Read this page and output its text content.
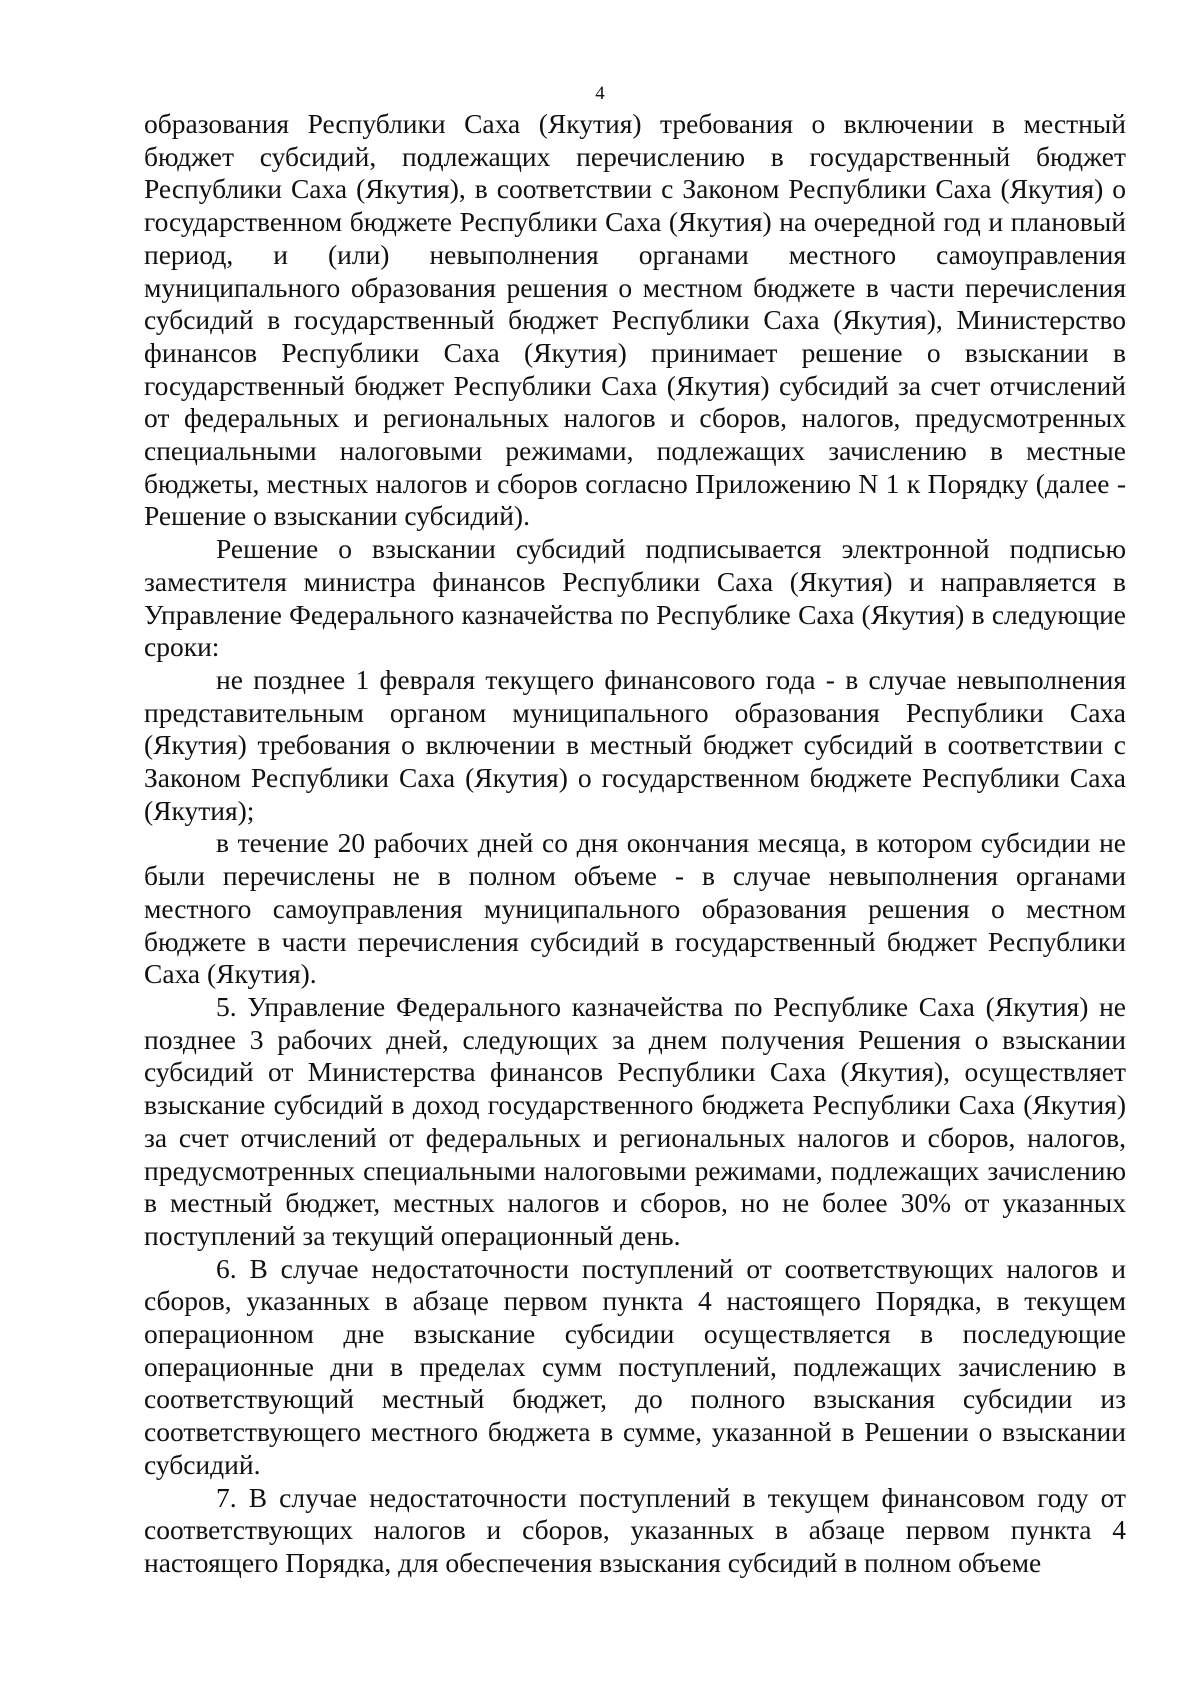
4

образования Республики Саха (Якутия) требования о включении в местный бюджет субсидий, подлежащих перечислению в государственный бюджет Республики Саха (Якутия), в соответствии с Законом Республики Саха (Якутия) о государственном бюджете Республики Саха (Якутия) на очередной год и плановый период, и (или) невыполнения органами местного самоуправления муниципального образования решения о местном бюджете в части перечисления субсидий в государственный бюджет Республики Саха (Якутия), Министерство финансов Республики Саха (Якутия) принимает решение о взыскании в государственный бюджет Республики Саха (Якутия) субсидий за счет отчислений от федеральных и региональных налогов и сборов, налогов, предусмотренных специальными налоговыми режимами, подлежащих зачислению в местные бюджеты, местных налогов и сборов согласно Приложению N 1 к Порядку (далее - Решение о взыскании субсидий).

Решение о взыскании субсидий подписывается электронной подписью заместителя министра финансов Республики Саха (Якутия) и направляется в Управление Федерального казначейства по Республике Саха (Якутия) в следующие сроки:

не позднее 1 февраля текущего финансового года - в случае невыполнения представительным органом муниципального образования Республики Саха (Якутия) требования о включении в местный бюджет субсидий в соответствии с Законом Республики Саха (Якутия) о государственном бюджете Республики Саха (Якутия);

в течение 20 рабочих дней со дня окончания месяца, в котором субсидии не были перечислены не в полном объеме - в случае невыполнения органами местного самоуправления муниципального образования решения о местном бюджете в части перечисления субсидий в государственный бюджет Республики Саха (Якутия).

5. Управление Федерального казначейства по Республике Саха (Якутия) не позднее 3 рабочих дней, следующих за днем получения Решения о взыскании субсидий от Министерства финансов Республики Саха (Якутия), осуществляет взыскание субсидий в доход государственного бюджета Республики Саха (Якутия) за счет отчислений от федеральных и региональных налогов и сборов, налогов, предусмотренных специальными налоговыми режимами, подлежащих зачислению в местный бюджет, местных налогов и сборов, но не более 30% от указанных поступлений за текущий операционный день.

6. В случае недостаточности поступлений от соответствующих налогов и сборов, указанных в абзаце первом пункта 4 настоящего Порядка, в текущем операционном дне взыскание субсидии осуществляется в последующие операционные дни в пределах сумм поступлений, подлежащих зачислению в соответствующий местный бюджет, до полного взыскания субсидии из соответствующего местного бюджета в сумме, указанной в Решении о взыскании субсидий.

7. В случае недостаточности поступлений в текущем финансовом году от соответствующих налогов и сборов, указанных в абзаце первом пункта 4 настоящего Порядка, для обеспечения взыскания субсидий в полном объеме
